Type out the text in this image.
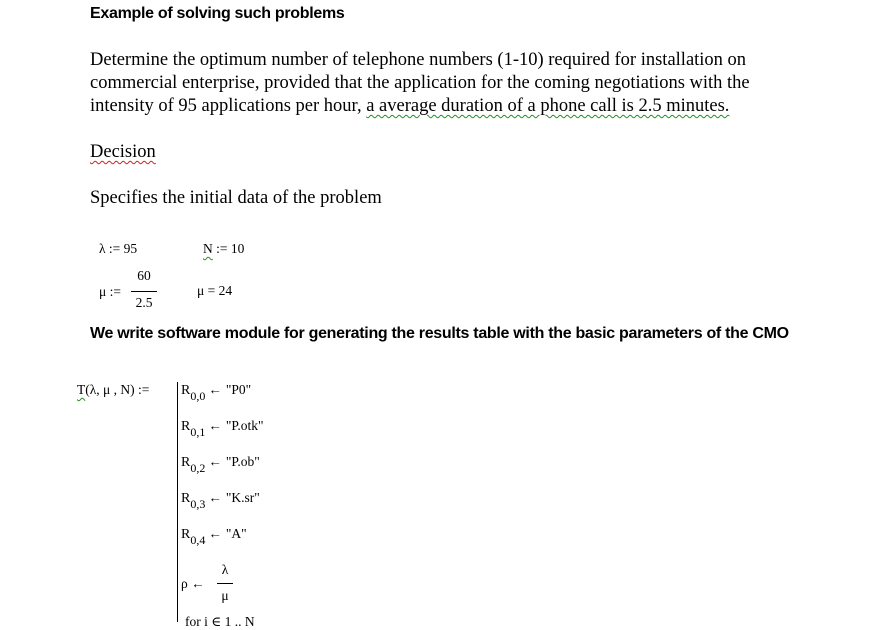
Example of solving such problems
Determine the optimum number of telephone numbers (1-10) required for installation on
commercial enterprise, provided that the application for the coming negotiations with the
intensity of 95 applications per hour, a average duration of a phone call is 2.5 minutes.
Decision
Specifies the initial data of the problem
λ := 95	N := 10
μ :=
60
2.5
μ = 24
We write software module for generating the results table with the basic parameters of the CMO
T(λ, μ , N) := R0,0 ← "P0"
R0,1 ← "P.otk"
R0,2 ← "P.ob"
R0,3 ← "K.sr"
R0,4 ← "A"
ρ ←
λ
μ
for i ∈ 1 .. N
